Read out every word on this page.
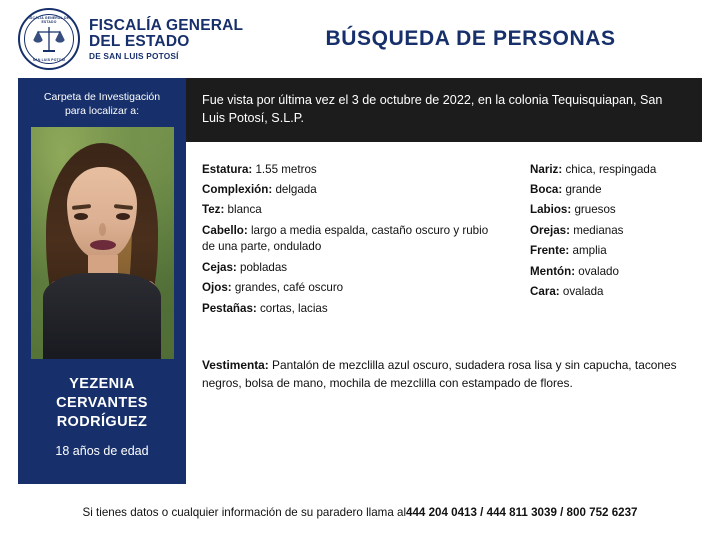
FISCALIA GENERAL DEL ESTADO
SAN LUIS POTOSI
FISCALÍA GENERAL
DEL ESTADO
DE SAN LUIS POTOSÍ
BÚSQUEDA DE PERSONAS
Carpeta de Investigación
para localizar a:
YEZENIA CERVANTES RODRÍGUEZ
18 años de edad
Fue vista por última vez el 3 de octubre de 2022, en la colonia Tequisquiapan, San Luis Potosí, S.L.P.
Estatura: 1.55 metros
Complexión: delgada
Tez: blanca
Cabello: largo a media espalda, castaño oscuro y rubio de una parte, ondulado
Cejas: pobladas
Ojos: grandes, café oscuro
Pestañas: cortas, lacias
Nariz: chica, respingada
Boca: grande
Labios: gruesos
Orejas: medianas
Frente: amplia
Mentón: ovalado
Cara: ovalada
Vestimenta: Pantalón de mezclilla azul oscuro, sudadera rosa lisa y sin capucha, tacones negros, bolsa de mano, mochila de mezclilla con estampado de flores.
Si tienes datos o cualquier información de su paradero llama al 444 204 0413 / 444 811 3039 / 800 752 6237
